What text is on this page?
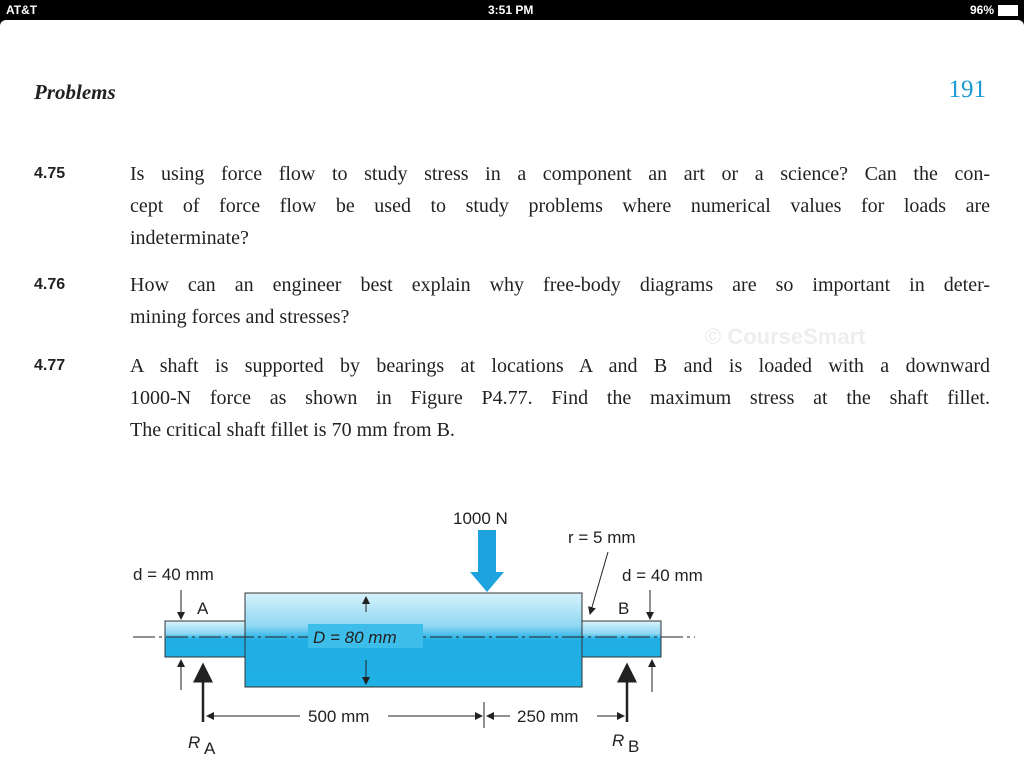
AT&T	3:51 PM	96%
Problems	191
© CourseSmart
4.75	Is using force flow to study stress in a component an art or a science? Can the con-
cept of force flow be used to study problems where numerical values for loads are
indeterminate?
4.76	How can an engineer best explain why free-body diagrams are so important in deter-
mining forces and stresses?
4.77	A shaft is supported by bearings at locations A and B and is loaded with a downward
1000-N force as shown in Figure P4.77. Find the maximum stress at the shaft fillet.
The critical shaft fillet is 70 mm from B.
1000 N
r = 5 mm
d = 40 mm	d = 40 mm
A	B
D = 80 mm
500 mm	250 mm
R A	R B
